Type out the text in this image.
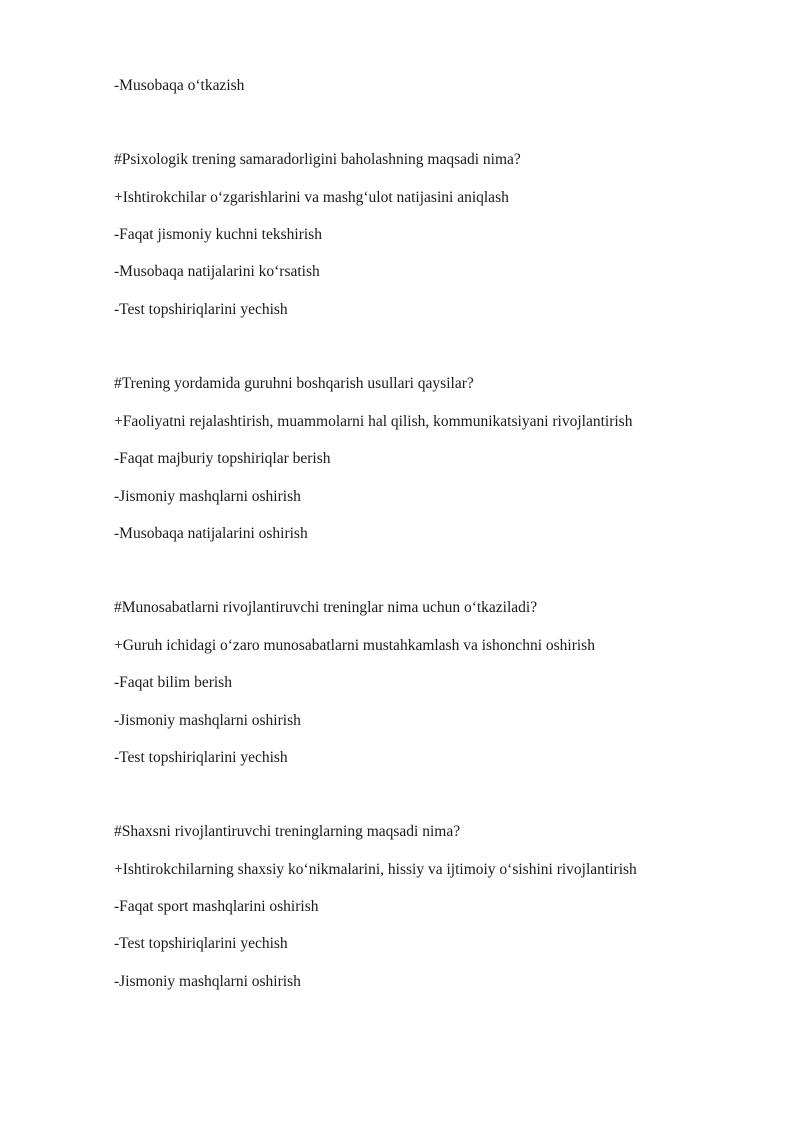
-Musobaqa o‘tkazish

#Psixologik trening samaradorligini baholashning maqsadi nima?

+Ishtirokchilar o‘zgarishlarini va mashg‘ulot natijasini aniqlash

-Faqat jismoniy kuchni tekshirish

-Musobaqa natijalarini ko‘rsatish

-Test topshiriqlarini yechish

#Trening yordamida guruhni boshqarish usullari qaysilar?

+Faoliyatni rejalashtirish, muammolarni hal qilish, kommunikatsiyani rivojlantirish

-Faqat majburiy topshiriqlar berish

-Jismoniy mashqlarni oshirish

-Musobaqa natijalarini oshirish

#Munosabatlarni rivojlantiruvchi treninglar nima uchun o‘tkaziladi?

+Guruh ichidagi o‘zaro munosabatlarni mustahkamlash va ishonchni oshirish

-Faqat bilim berish

-Jismoniy mashqlarni oshirish

-Test topshiriqlarini yechish

#Shaxsni rivojlantiruvchi treninglarning maqsadi nima?

+Ishtirokchilarning shaxsiy ko‘nikmalarini, hissiy va ijtimoiy o‘sishini rivojlantirish

-Faqat sport mashqlarini oshirish

-Test topshiriqlarini yechish

-Jismoniy mashqlarni oshirish
